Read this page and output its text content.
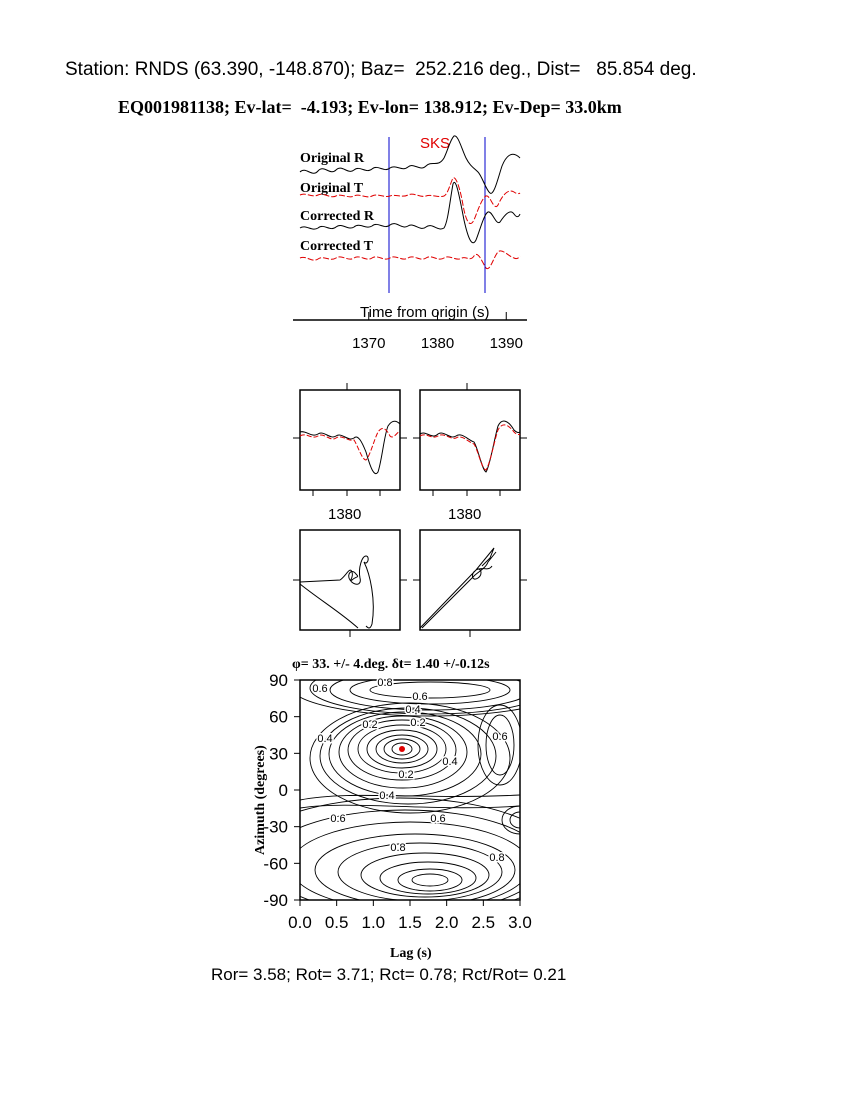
Station: RNDS (63.390, -148.870); Baz=  252.216 deg., Dist=   85.854 deg.
EQ001981138; Ev-lat=  -4.193; Ev-lon= 138.912; Ev-Dep= 33.0km
SKS
Original R
Original T
Corrected R
Corrected T
Time from origin (s)
1370 1380 1390
1380	1380
φ= 33. +/- 4.deg. δt= 1.40 +/-0.12s
0.6	0.8
0.6
0.4
0.2
0.4
0.2
0.4
0.6
0.2
0.4
0.6
0.6
0.8
0.8
0.0 0.5 1.0 1.5 2.0 2.5 3.0
90
60
30
0
-30
-60
-90
Lag (s)
Azimuth (degrees)
Ror= 3.58; Rot= 3.71; Rct= 0.78; Rct/Rot= 0.21
